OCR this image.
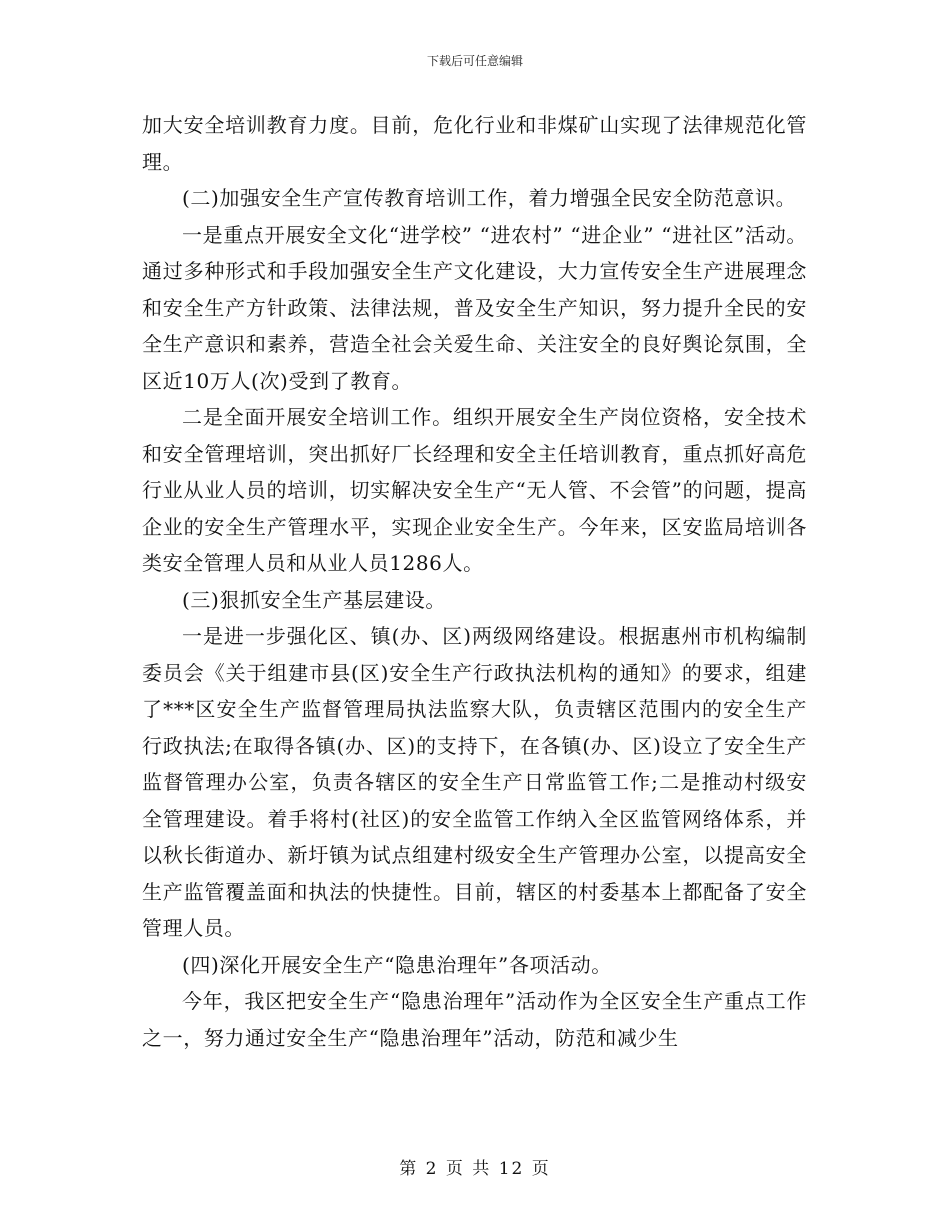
下载后可任意编辑

加大安全培训教育力度。目前，危化行业和非煤矿山实现了法律规范化管理。

(二)加强安全生产宣传教育培训工作，着力增强全民安全防范意识。

一是重点开展安全文化“进学校” “进农村” “进企业” “进社区”活动。 通过多种形式和手段加强安全生产文化建设，大力宣传安全生产进展理念和安全生产方针政策、法律法规，普及安全生产知识，努力提升全民的安全生产意识和素养，营造全社会关爱生命、关注安全的良好舆论氛围，全区近10万人(次)受到了教育。

二是全面开展安全培训工作。组织开展安全生产岗位资格，安全技术和安全管理培训，突出抓好厂长经理和安全主任培训教育，重点抓好高危行业从业人员的培训，切实解决安全生产“无人管、不会管”的问题，提高企业的安全生产管理水平，实现企业安全生产。今年来，区安监局培训各类安全管理人员和从业人员1286人。

(三)狠抓安全生产基层建设。

一是进一步强化区、镇(办、区)两级网络建设。根据惠州市机构编制委员会《关于组建市县(区)安全生产行政执法机构的通知》的要求，组建了***区安全生产监督管理局执法监察大队，负责辖区范围内的安全生产行政执法;在取得各镇(办、区)的支持下，在各镇(办、区)设立了安全生产监督管理办公室，负责各辖区的安全生产日常监管工作;二是推动村级安全管理建设。着手将村(社区)的安全监管工作纳入全区监管网络体系，并以秋长街道办、新圩镇为试点组建村级安全生产管理办公室，以提高安全生产监管覆盖面和执法的快捷性。目前，辖区的村委基本上都配备了安全管理人员。

(四)深化开展安全生产“隐患治理年”各项活动。

今年，我区把安全生产“隐患治理年”活动作为全区安全生产重点工作之一，努力通过安全生产“隐患治理年”活动，防范和减少生

第 2 页 共 12 页
